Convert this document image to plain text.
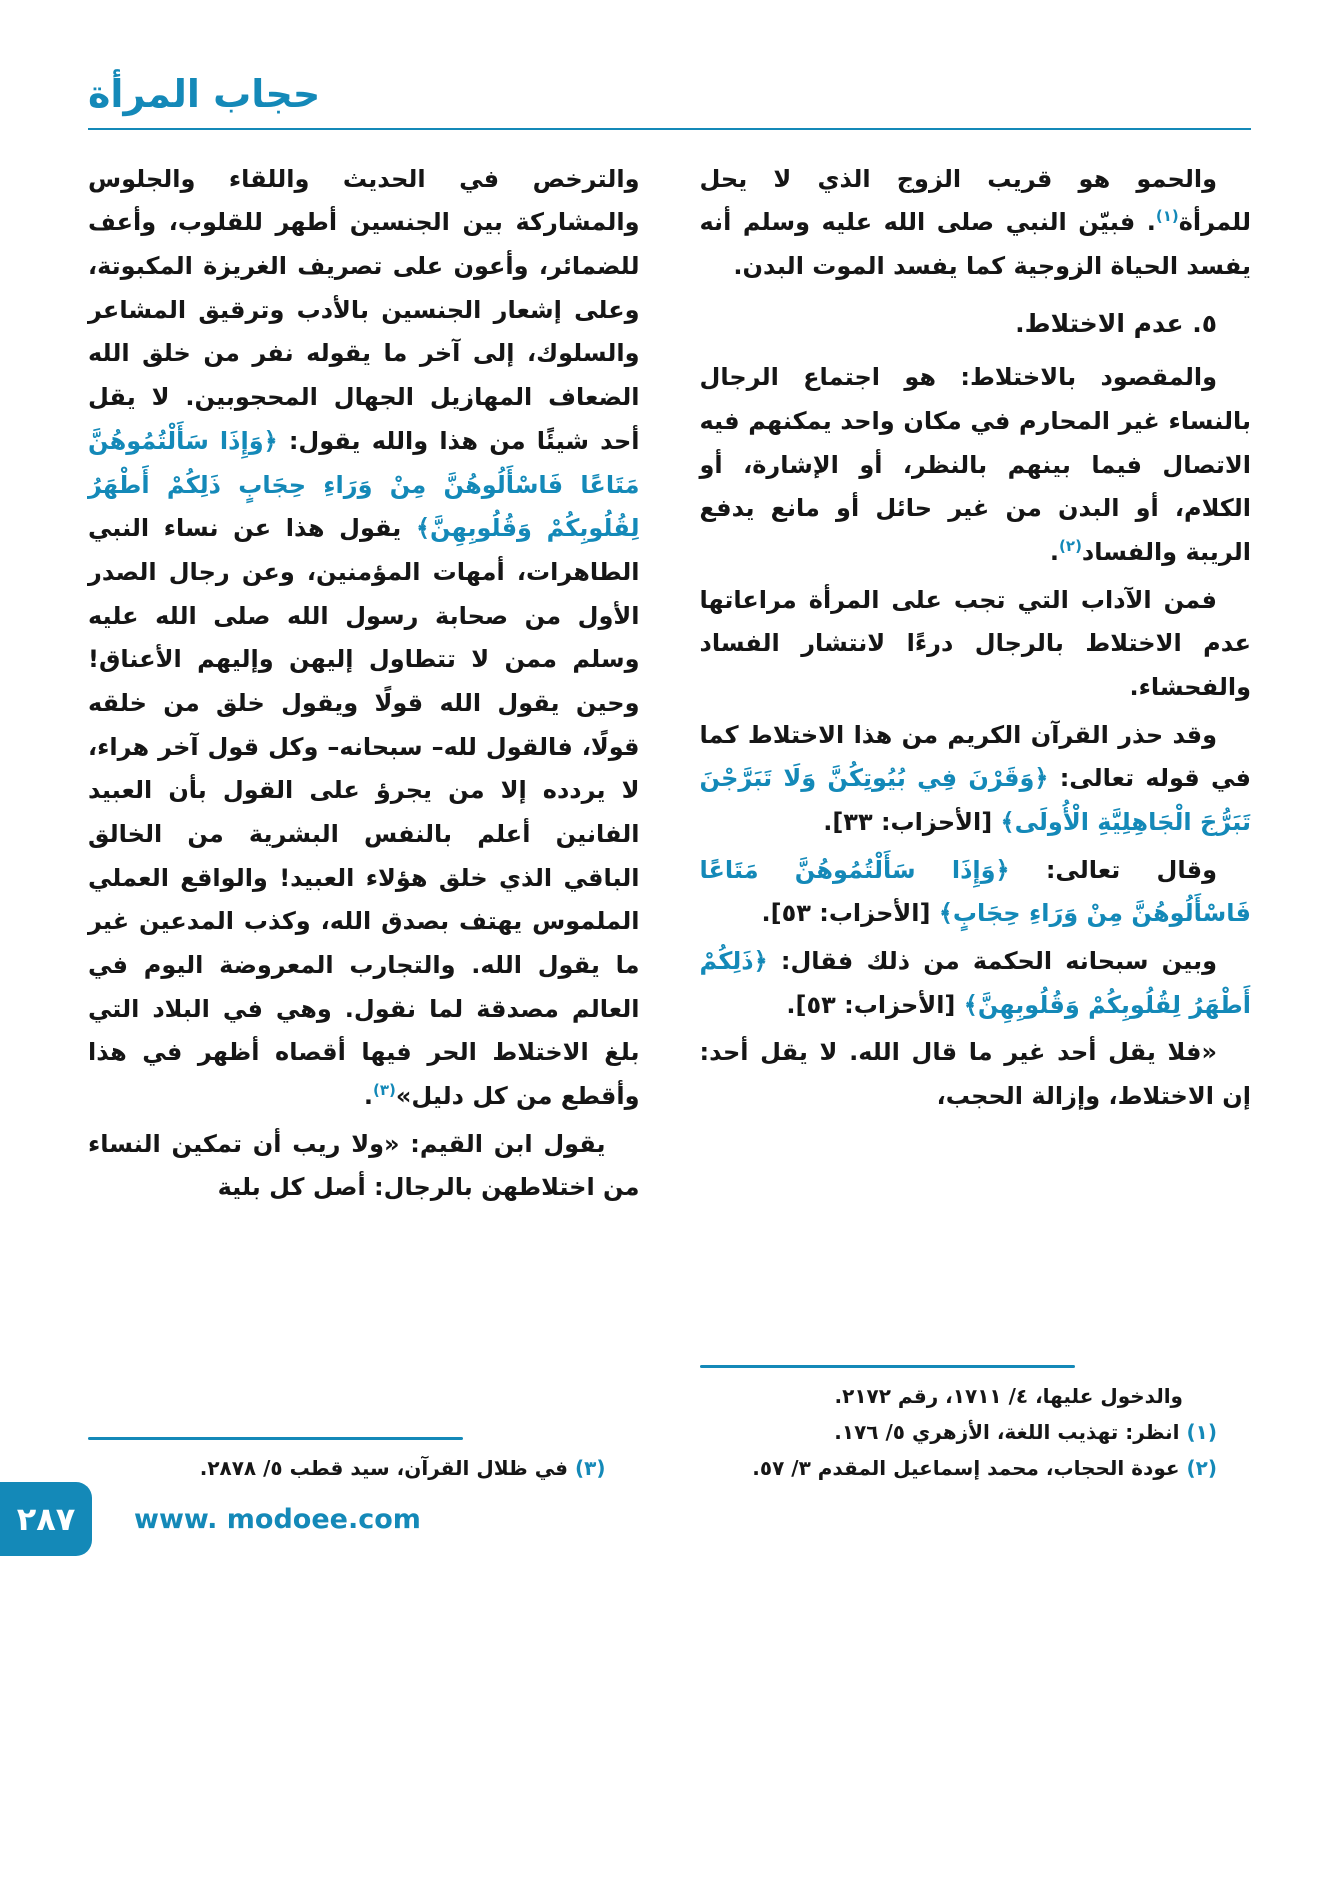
حجاب المرأة

والحمو هو قريب الزوج الذي لا يحل للمرأة$^{(١)}$. فبيّن النبي صلى الله عليه وسلم أنه يفسد الحياة الزوجية كما يفسد الموت البدن.

٥. عدم الاختلاط.

والمقصود بالاختلاط: هو اجتماع الرجال بالنساء غير المحارم في مكان واحد يمكنهم فيه الاتصال فيما بينهم بالنظر، أو الإشارة، أو الكلام، أو البدن من غير حائل أو مانع يدفع الريبة والفساد$^{(٢)}$.

فمن الآداب التي تجب على المرأة مراعاتها عدم الاختلاط بالرجال درءًا لانتشار الفساد والفحشاء.

وقد حذر القرآن الكريم من هذا الاختلاط كما في قوله تعالى: ﴿وَقَرْنَ فِي بُيُوتِكُنَّ وَلَا تَبَرَّجْنَ تَبَرُّجَ الْجَاهِلِيَّةِ الْأُولَى﴾ [الأحزاب: ٣٣].

وقال تعالى: ﴿وَإِذَا سَأَلْتُمُوهُنَّ مَتَاعًا فَاسْأَلُوهُنَّ مِنْ وَرَاءِ حِجَابٍ﴾ [الأحزاب: ٥٣].

وبين سبحانه الحكمة من ذلك فقال: ﴿ذَلِكُمْ أَطْهَرُ لِقُلُوبِكُمْ وَقُلُوبِهِنَّ﴾ [الأحزاب: ٥٣].

«فلا يقل أحد غير ما قال الله. لا يقل أحد: إن الاختلاط، وإزالة الحجب،

والدخول عليها، ٤/ ١٧١١، رقم ٢١٧٢.

(١) انظر: تهذيب اللغة، الأزهري ٥/ ١٧٦.

(٢) عودة الحجاب، محمد إسماعيل المقدم ٣/ ٥٧.

والترخص في الحديث واللقاء والجلوس والمشاركة بين الجنسين أطهر للقلوب، وأعف للضمائر، وأعون على تصريف الغريزة المكبوتة، وعلى إشعار الجنسين بالأدب وترقيق المشاعر والسلوك، إلى آخر ما يقوله نفر من خلق الله الضعاف المهازيل الجهال المحجوبين. لا يقل أحد شيئًا من هذا والله يقول: ﴿وَإِذَا سَأَلْتُمُوهُنَّ مَتَاعًا فَاسْأَلُوهُنَّ مِنْ وَرَاءِ حِجَابٍ ذَلِكُمْ أَطْهَرُ لِقُلُوبِكُمْ وَقُلُوبِهِنَّ﴾ يقول هذا عن نساء النبي الطاهرات، أمهات المؤمنين، وعن رجال الصدر الأول من صحابة رسول الله صلى الله عليه وسلم ممن لا تتطاول إليهن وإليهم الأعناق! وحين يقول الله قولًا ويقول خلق من خلقه قولًا، فالقول لله– سبحانه– وكل قول آخر هراء، لا يردده إلا من يجرؤ على القول بأن العبيد الفانين أعلم بالنفس البشرية من الخالق الباقي الذي خلق هؤلاء العبيد! والواقع العملي الملموس يهتف بصدق الله، وكذب المدعين غير ما يقول الله. والتجارب المعروضة اليوم في العالم مصدقة لما نقول. وهي في البلاد التي بلغ الاختلاط الحر فيها أقصاه أظهر في هذا وأقطع من كل دليل»$^{(٣)}$.

يقول ابن القيم: «ولا ريب أن تمكين النساء من اختلاطهن بالرجال: أصل كل بلية

(٣) في ظلال القرآن، سيد قطب ٥/ ٢٨٧٨.

٢٨٧ www. modoee.com
